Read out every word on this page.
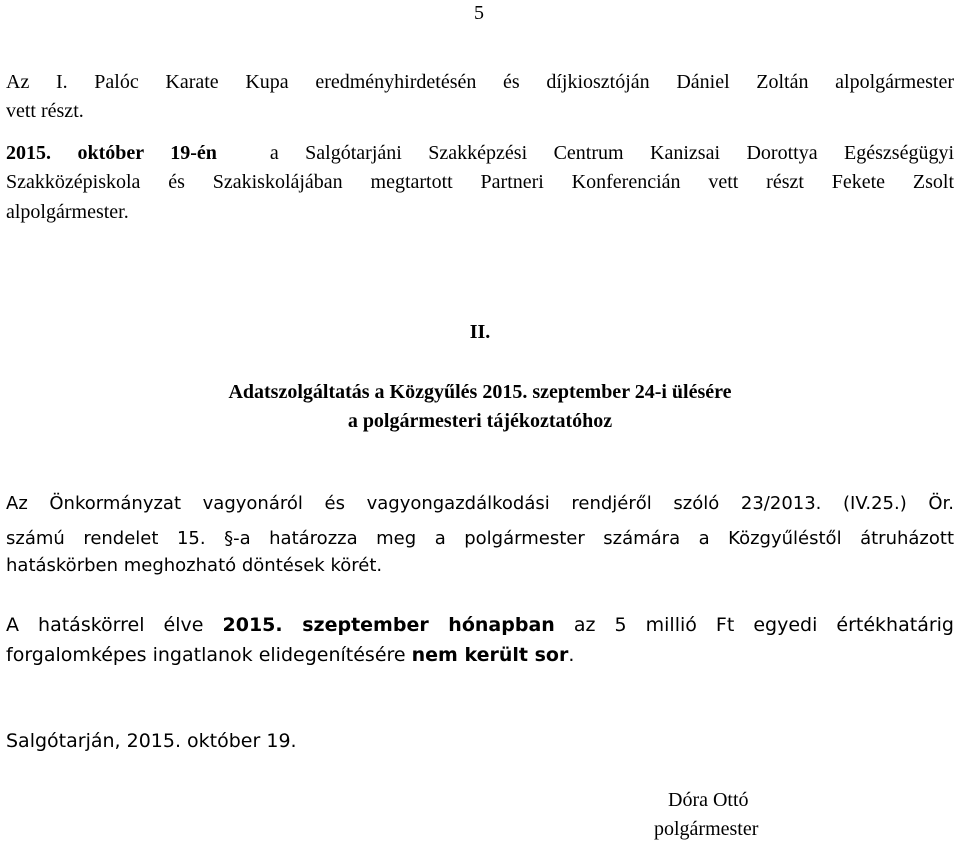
5
Az I. Palóc Karate Kupa eredményhirdetésén és díjkiosztóján Dániel Zoltán alpolgármester
vett részt.
2015. október 19-én	a Salgótarjáni Szakképzési Centrum Kanizsai Dorottya Egészségügyi
Szakközépiskola és Szakiskolájában megtartott Partneri Konferencián vett részt Fekete Zsolt
alpolgármester.
II.
Adatszolgáltatás a Közgyűlés 2015. szeptember 24-i ülésére
a polgármesteri tájékoztatóhoz
Az Önkormányzat vagyonáról és vagyongazdálkodási rendjéről szóló 23/2013. (IV.25.) Ör.
számú rendelet 15. §-a határozza meg a polgármester számára a Közgyűléstől átruházott
hatáskörben meghozható döntések körét.
A hatáskörrel élve 2015. szeptember hónapban az 5 millió Ft egyedi értékhatárig
forgalomképes ingatlanok elidegenítésére nem került sor.
Salgótarján, 2015. október 19.
Dóra Ottó
polgármester
